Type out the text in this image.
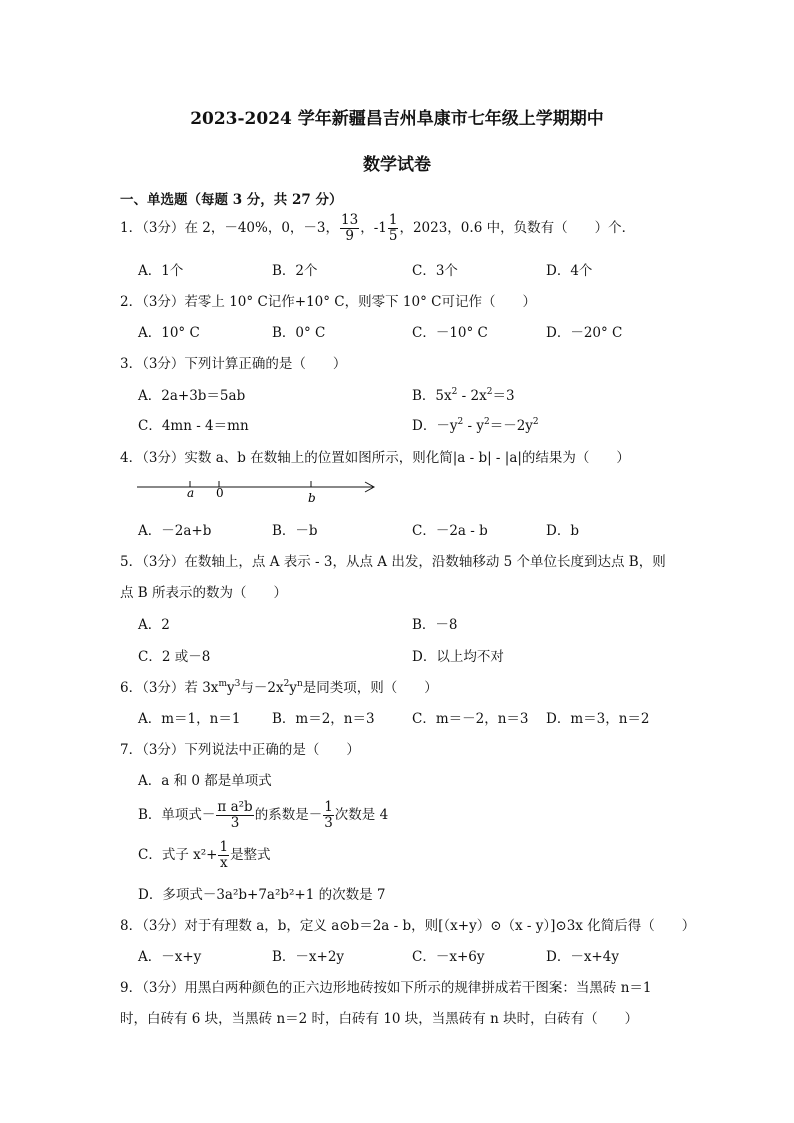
2023-2024 学年新疆昌吉州阜康市七年级上学期期中
数学试卷
一、单选题（每题 3 分，共 27 分）
1．（3分）在 2，－40%，0，－3， $\frac{13}{9}$ ，$-1 \frac{1}{5}$ ，2023，0.6 中，负数有（　　）个．
A．1个	B．2个	C．3个	D．4个
2．（3分）若零上 10° C记作+10° C，则零下 10° C可记作（　　）
A．10° C	B．0° C	C．－10° C	D．－20° C
3．（3分）下列计算正确的是（　　）
A．2a+3b＝5ab	B．$5x^2 - 2x^2=3$
C．4mn - 4＝mn	D．$-y^2 - y^2=-2y^2$
4．（3分）实数 a、b 在数轴上的位置如图所示，则化简|a - b| - |a|的结果为（　　）
a 0	b
A．－2a+b	B．－b	C．－2a - b	D．b
5．（3分）在数轴上，点 A 表示 - 3，从点 A 出发，沿数轴移动 5 个单位长度到达点 B，则
点 B 所表示的数为（　　）
A．2	B．－8
C．2 或－8	D．以上均不对
6．（3分）若 $3x^my^3$与$-2x^2y^n$是同类项，则（　　）
A．m＝1，n＝1 B．m＝2，n＝3	C．m＝－2，n＝3 D．m＝3，n＝2
7．（3分）下列说法中正确的是（　　）
A．a 和 0 都是单项式
B．单项式－ $\frac{\text{π a²b}}{3}$ 的系数是－ $\frac{1}{3}$ 次数是 4
C．式子 $x^2+ \frac{1}{x}$ 是整式
D．多项式－3a²b+7a²b²+1 的次数是 7
8．（3分）对于有理数 a，b，定义 a⊙b＝2a - b，则[（x+y）⊙（x - y）]⊙3x 化简后得（　　）
A．－x+y	B．－x+2y	C．－x+6y	D．－x+4y
9．（3分）用黑白两种颜色的正六边形地砖按如下所示的规律拼成若干图案：当黑砖 n＝1
时，白砖有 6 块，当黑砖 n＝2 时，白砖有 10 块，当黑砖有 n 块时，白砖有（　　）
